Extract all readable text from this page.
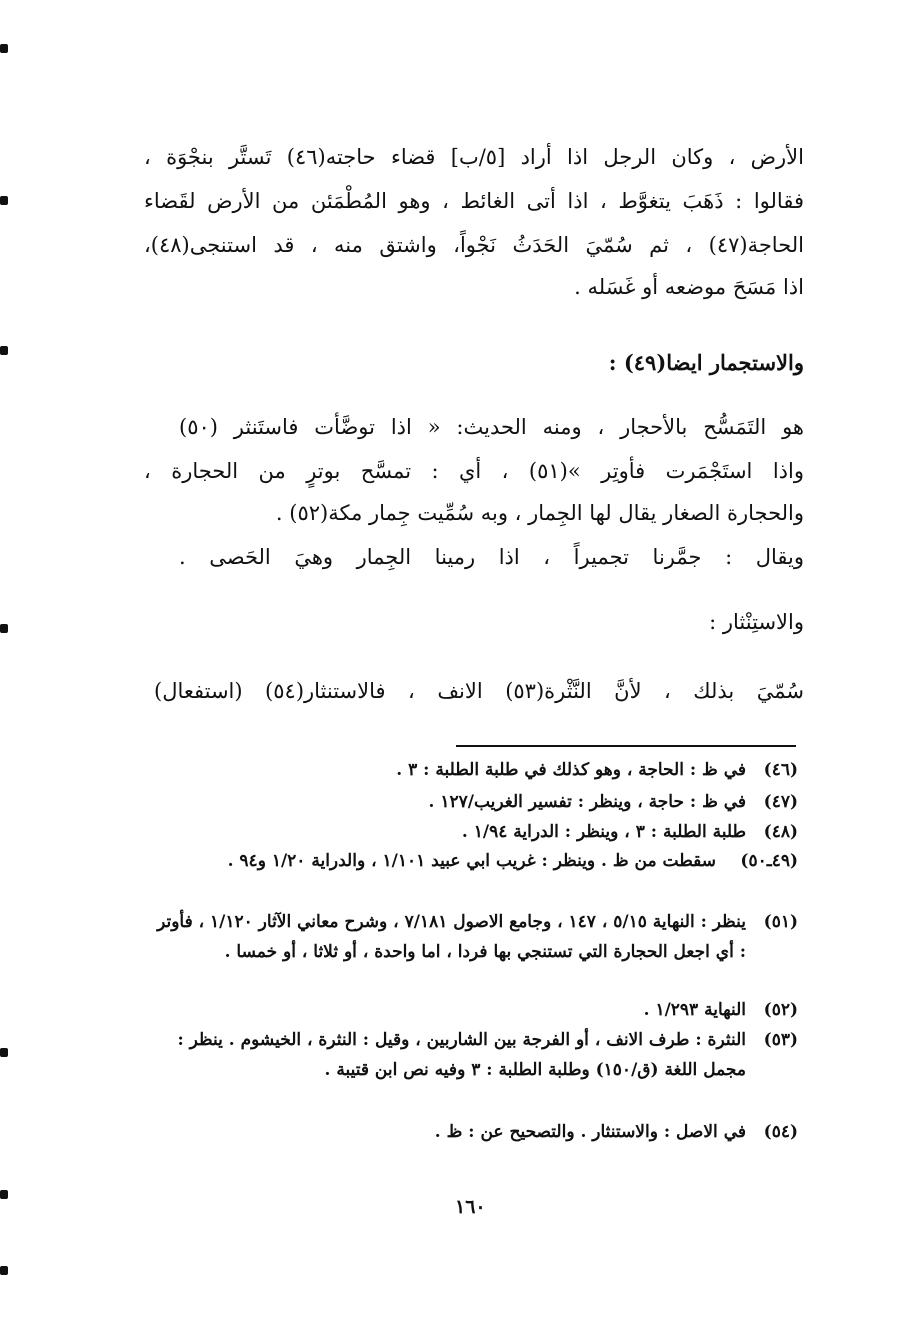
الأرض ، وكان الرجل اذا أراد [٥/ب] قضاء حاجته(٤٦) تَستَّر بنجْوَة ،
فقالوا : ذَهَبَ يتغوَّط ، اذا أتى الغائط ، وهو المُطْمَئن من الأرض لقَضاء
الحاجة(٤٧) ، ثم سُمّيَ الحَدَثُ نَجْواً، واشتق منه ، قد استنجى(٤٨)،
اذا مَسَحَ موضعه أو غَسَله .
والاستجمار ايضا(٤٩) :
هو التَمَسُّح بالأحجار ، ومنه الحديث: « اذا توضَّأت فاستَنثر (٥٠)
واذا استَجْمَرت فأوتِر »(٥١) ، أي : تمسَّح بوترٍ من الحجارة ،
والحجارة الصغار يقال لها الجِمار ، وبه سُمِّيت جِمار مكة(٥٢) .
ويقال : جمَّرنا تجميراً ، اذا رمينا الجِمار وهيَ الحَصى .
والاستِنْثار :
سُمّيَ بذلك ، لأنَّ النَّثْرة(٥٣) الانف ، فالاستنثار(٥٤) (استفعال)
(٤٦)
في ظ : الحاجة ، وهو كذلك في طلبة الطلبة : ٣ .
(٤٧)
في ظ : حاجة ، وينظر : تفسير الغريب/١٢٧ .
(٤٨)
طلبة الطلبة : ٣ ، وينظر : الدراية ١/٩٤ .
(٤٩ـ٥٠)
سقطت من ظ . وينظر : غريب ابي عبيد ١/١٠١ ، والدراية ١/٢٠ و٩٤ .
(٥١)
ينظر : النهاية ٥/١٥ ، ١٤٧ ، وجامع الاصول ٧/١٨١ ، وشرح معاني الآثار ١/١٢٠ ، فأوتر : أي اجعل الحجارة التي تستنجي بها فردا ، اما واحدة ، أو ثلاثا ، أو خمسا .
(٥٢)
النهاية ١/٢٩٣ .
(٥٣)
النثرة : طرف الانف ، أو الفرجة بين الشاربين ، وقيل : النثرة ، الخيشوم . ينظر : مجمل اللغة (ق/١٥٠) وطلبة الطلبة : ٣ وفيه نص ابن قتيبة .
(٥٤)
في الاصل : والاستنثار . والتصحيح عن : ظ .
١٦٠
